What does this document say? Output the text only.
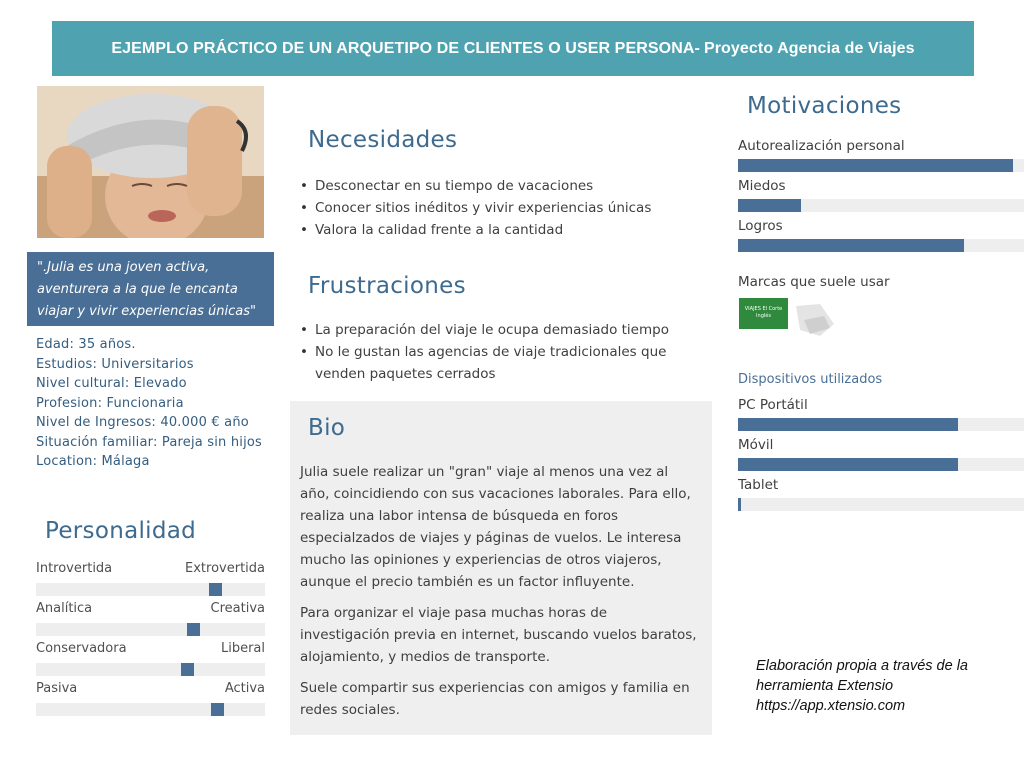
EJEMPLO PRÁCTICO DE UN ARQUETIPO DE CLIENTES O USER PERSONA- Proyecto Agencia de Viajes
".Julia es una joven activa, aventurera a la que le encanta viajar y vivir experiencias únicas"
Edad: 35 años.
Estudios: Universitarios
Nivel cultural: Elevado
Profesion: Funcionaria
Nivel de Ingresos: 40.000 € año
Situación familiar: Pareja sin hijos
Location: Málaga
Personalidad
Introvertida	Extrovertida
Analítica	Creativa
Conservadora	Liberal
Pasiva	Activa
Necesidades
• Desconectar en su tiempo de vacaciones
• Conocer sitios inéditos y vivir experiencias únicas
• Valora la calidad frente a la cantidad
Frustraciones
• La preparación del viaje le ocupa demasiado tiempo
• No le gustan las agencias de viaje tradicionales que venden paquetes cerrados
Bio

Julia suele realizar un "gran" viaje al menos una vez al año, coincidiendo con sus vacaciones laborales. Para ello, realiza una labor intensa de búsqueda en foros especialzados de viajes y páginas de vuelos. Le interesa mucho las opiniones y experiencias de otros viajeros, aunque el precio también es un factor influyente.

Para organizar el viaje pasa muchas horas de investigación previa en internet, buscando vuelos baratos, alojamiento, y medios de transporte.

Suele compartir sus experiencias con amigos y familia en redes sociales.

Motivaciones
Autorealización personal
Miedos
Logros
Marcas que suele usar
VIAJES El Corte Inglés
Dispositivos utilizados
PC Portátil
Móvil
Tablet
Elaboración propia a través de la
herramienta Extensio
https://app.xtensio.com
